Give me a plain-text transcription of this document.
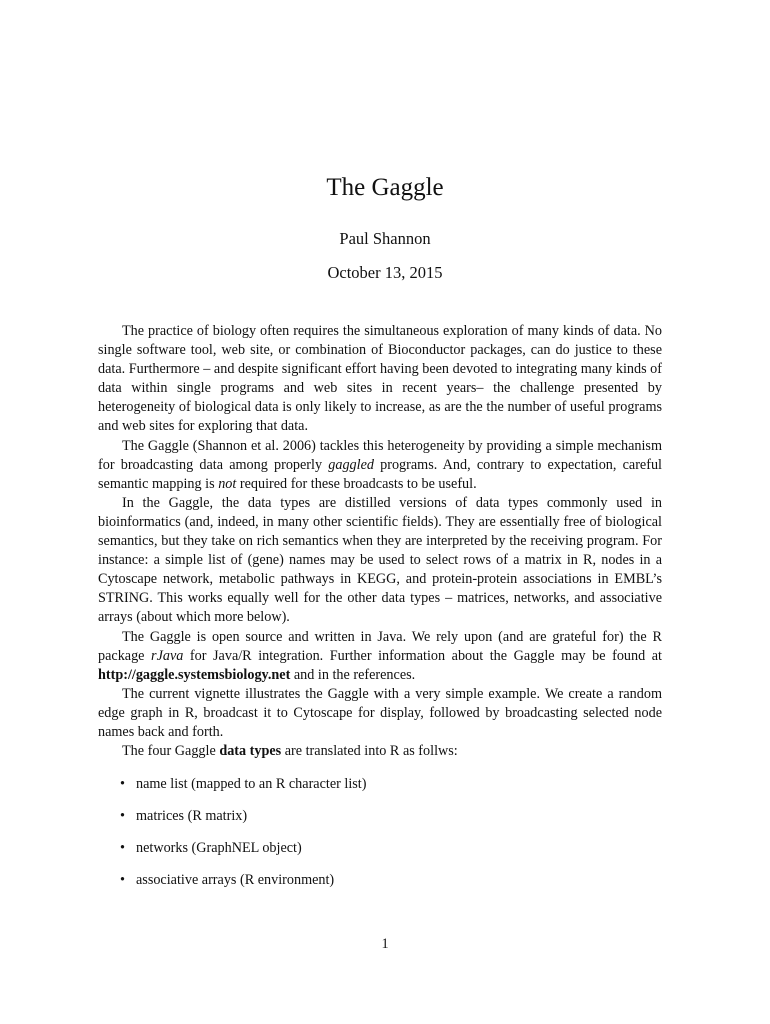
The Gaggle
Paul Shannon
October 13, 2015

The practice of biology often requires the simultaneous exploration of many kinds of data. No single software tool, web site, or combination of Bioconductor packages, can do justice to these data. Furthermore – and despite significant effort having been devoted to integrating many kinds of data within single programs and web sites in recent years– the challenge presented by heterogeneity of biological data is only likely to increase, as are the the number of useful programs and web sites for exploring that data.

The Gaggle (Shannon et al. 2006) tackles this heterogeneity by providing a simple mechanism for broadcasting data among properly gaggled programs. And, contrary to expectation, careful semantic mapping is not required for these broadcasts to be useful.

In the Gaggle, the data types are distilled versions of data types commonly used in bioinformatics (and, indeed, in many other scientific fields). They are essentially free of biological semantics, but they take on rich semantics when they are interpreted by the receiving program. For instance: a simple list of (gene) names may be used to select rows of a matrix in R, nodes in a Cytoscape network, metabolic pathways in KEGG, and protein-protein associations in EMBL’s STRING. This works equally well for the other data types – matrices, networks, and associative arrays (about which more below).

The Gaggle is open source and written in Java. We rely upon (and are grateful for) the R package rJava for Java/R integration. Further information about the Gaggle may be found at http://gaggle.systemsbiology.net and in the references.

The current vignette illustrates the Gaggle with a very simple example. We create a random edge graph in R, broadcast it to Cytoscape for display, followed by broadcasting selected node names back and forth.

The four Gaggle data types are translated into R as follws:

• name list (mapped to an R character list)
• matrices (R matrix)
• networks (GraphNEL object)
• associative arrays (R environment)
1
